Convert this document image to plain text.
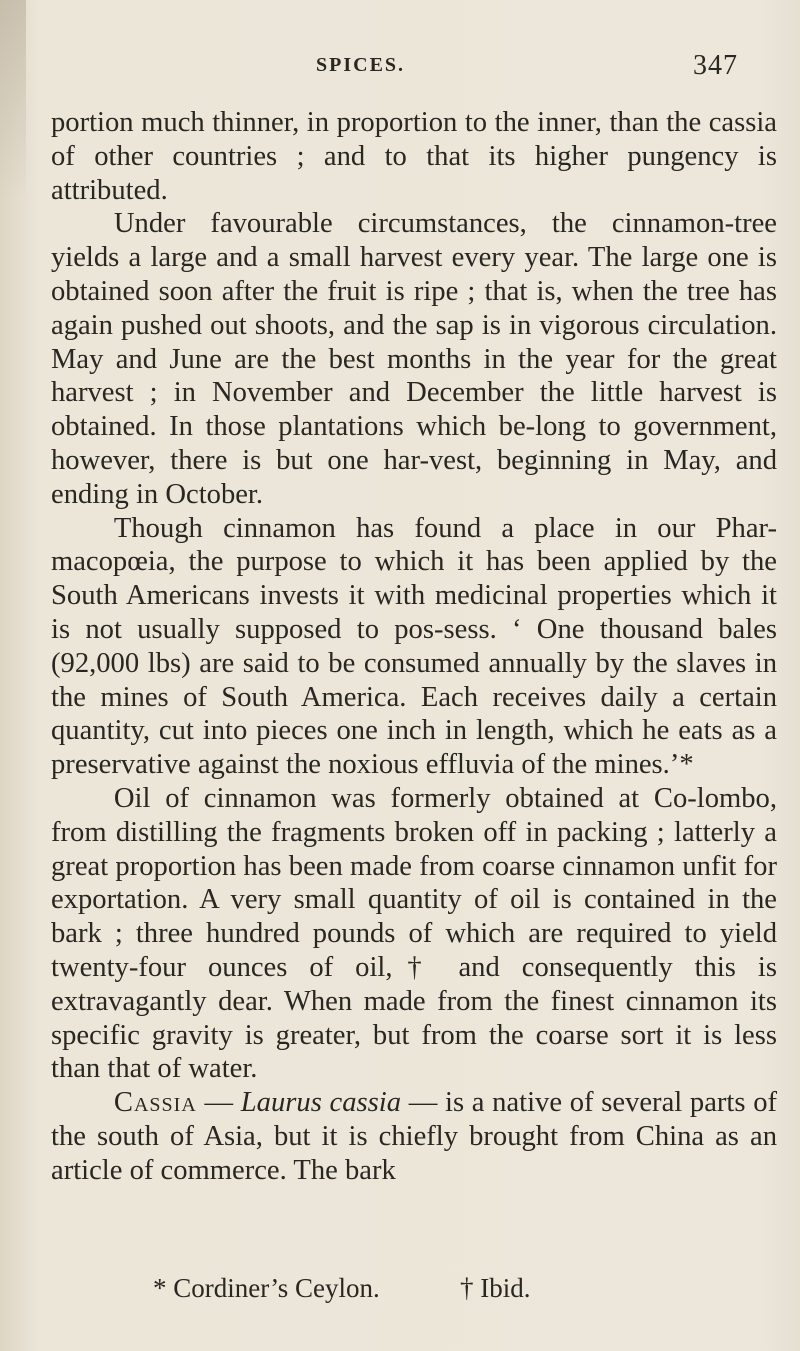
SPICES.	347

portion much thinner, in proportion to the inner, than the cassia of other countries ; and to that its higher pungency is attributed.

Under favourable circumstances, the cinnamon-tree yields a large and a small harvest every year. The large one is obtained soon after the fruit is ripe ; that is, when the tree has again pushed out shoots, and the sap is in vigorous circulation. May and June are the best months in the year for the great harvest ; in November and December the little harvest is obtained. In those plantations which be-long to government, however, there is but one har-vest, beginning in May, and ending in October.

Though cinnamon has found a place in our Phar-macopœia, the purpose to which it has been applied by the South Americans invests it with medicinal properties which it is not usually supposed to pos-sess. ‘ One thousand bales (92,000 lbs) are said to be consumed annually by the slaves in the mines of South America. Each receives daily a certain quantity, cut into pieces one inch in length, which he eats as a preservative against the noxious effluvia of the mines.’*

Oil of cinnamon was formerly obtained at Co-lombo, from distilling the fragments broken off in packing ; latterly a great proportion has been made from coarse cinnamon unfit for exportation. A very small quantity of oil is contained in the bark ; three hundred pounds of which are required to yield twenty-four ounces of oil,† and consequently this is extravagantly dear. When made from the finest cinnamon its specific gravity is greater, but from the coarse sort it is less than that of water.

Cassia — Laurus cassia — is a native of several parts of the south of Asia, but it is chiefly brought from China as an article of commerce. The bark

* Cordiner’s Ceylon.	† Ibid.
